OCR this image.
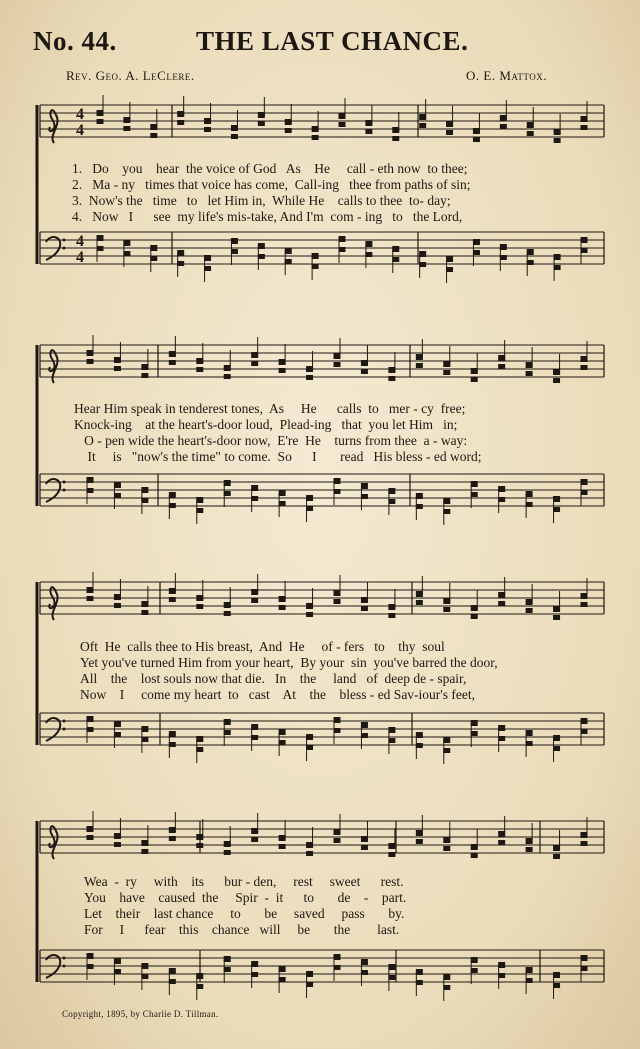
No. 44.	THE LAST CHANCE.
Rev. Geo. A. LeClere.	O. E. Mattox.
4
4
4
4
1.   Do    you    hear  the voice of God   As    He     call - eth now  to thee;
2.   Ma - ny   times that voice has come,  Call-ing   thee from paths of sin;
3.  Now's the   time   to   let Him in,  While He    calls to thee  to- day;
4.   Now   I      see  my life's mis-take, And I'm  com - ing   to   the Lord,
Hear Him speak in tenderest tones,  As     He      calls  to   mer - cy  free;
Knock-ing    at the heart's-door loud,  Plead-ing   that  you let Him   in;
O - pen wide the heart's-door now,  E're  He    turns from thee  a - way:
It     is   "now's the time" to come.  So      I       read   His bless - ed word;
Oft  He  calls thee to His breast,  And  He     of - fers   to    thy  soul
Yet you've turned Him from your heart,  By your  sin  you've barred the door,
All    the    lost souls now that die.   In    the     land   of  deep de - spair,
Now    I     come my heart  to   cast    At    the    bless - ed Sav-iour's feet,
Wea  -  ry     with    its      bur - den,     rest     sweet      rest.
You    have    caused  the     Spir  -  it      to       de    -    part.
Let    their    last chance     to       be     saved     pass       by.
For     I      fear    this    chance   will     be       the        last.
Copyright, 1895, by Charlie D. Tillman.
